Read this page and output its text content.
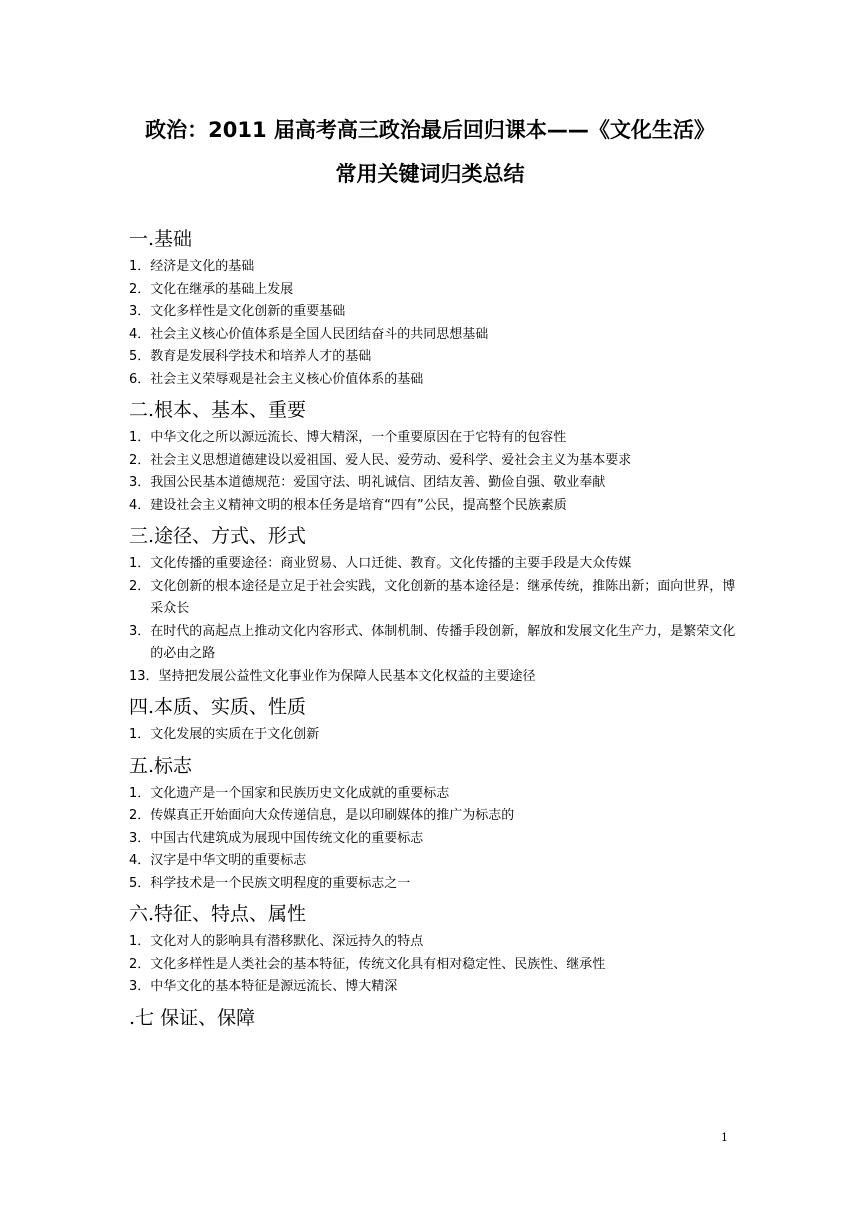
政治：2011 届高考高三政治最后回归课本——《文化生活》
常用关键词归类总结
一.基础
1． 经济是文化的基础
2． 文化在继承的基础上发展
3． 文化多样性是文化创新的重要基础
4． 社会主义核心价值体系是全国人民团结奋斗的共同思想基础
5． 教育是发展科学技术和培养人才的基础
6． 社会主义荣辱观是社会主义核心价值体系的基础
二.根本、基本、重要
1． 中华文化之所以源远流长、博大精深，一个重要原因在于它特有的包容性
2． 社会主义思想道德建设以爱祖国、爱人民、爱劳动、爱科学、爱社会主义为基本要求
3． 我国公民基本道德规范：爱国守法、明礼诚信、团结友善、勤俭自强、敬业奉献
4． 建设社会主义精神文明的根本任务是培育“四有”公民，提高整个民族素质
三.途径、方式、形式
1． 文化传播的重要途径：商业贸易、人口迁徙、教育。文化传播的主要手段是大众传媒
2． 文化创新的根本途径是立足于社会实践，文化创新的基本途径是：继承传统，推陈出新；面向世界，博采众长
3． 在时代的高起点上推动文化内容形式、体制机制、传播手段创新，解放和发展文化生产力，是繁荣文化的必由之路
13． 坚持把发展公益性文化事业作为保障人民基本文化权益的主要途径
四.本质、实质、性质
1． 文化发展的实质在于文化创新
五.标志
1． 文化遗产是一个国家和民族历史文化成就的重要标志
2． 传媒真正开始面向大众传递信息，是以印刷媒体的推广为标志的
3． 中国古代建筑成为展现中国传统文化的重要标志
4． 汉字是中华文明的重要标志
5． 科学技术是一个民族文明程度的重要标志之一
六.特征、特点、属性
1． 文化对人的影响具有潜移默化、深远持久的特点
2． 文化多样性是人类社会的基本特征，传统文化具有相对稳定性、民族性、继承性
3． 中华文化的基本特征是源远流长、博大精深
.七 保证、保障
1
